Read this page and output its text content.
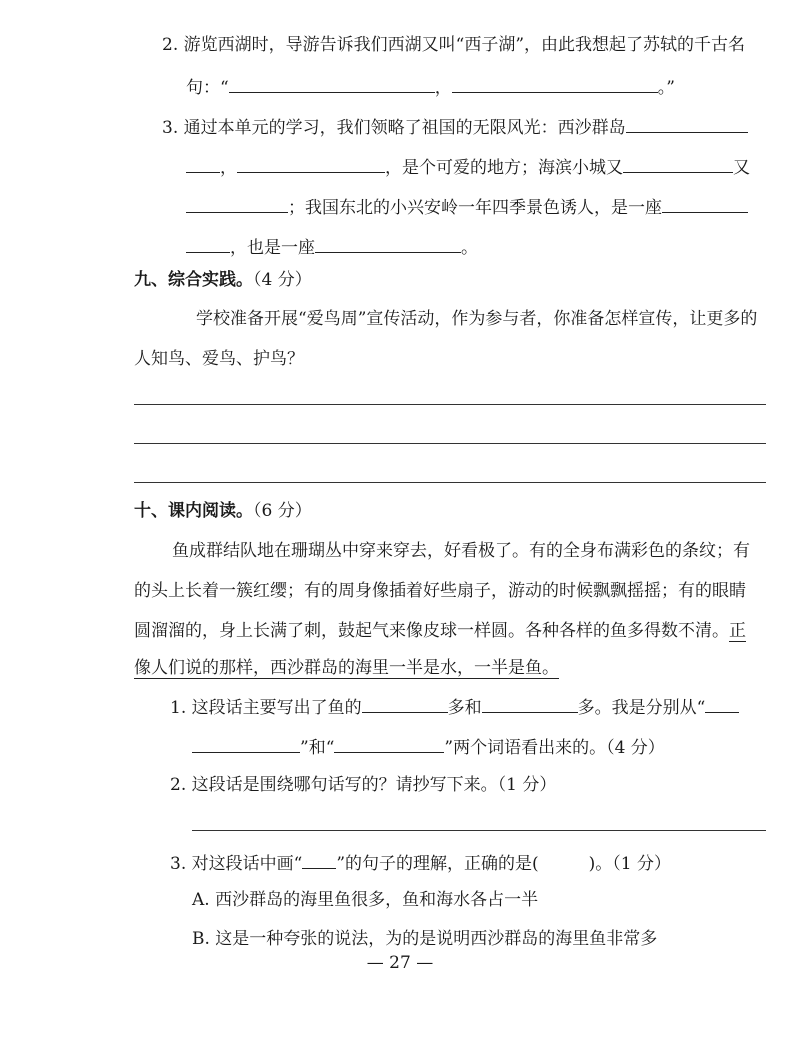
2. 游览西湖时，导游告诉我们西湖又叫“西子湖”，由此我想起了苏轼的千古名
句：“	，	。”
3. 通过本单元的学习，我们领略了祖国的无限风光：西沙群岛
，	，是个可爱的地方；海滨小城又	又
；我国东北的小兴安岭一年四季景色诱人，是一座
，也是一座	。
九、综合实践。（4 分）
学校准备开展“爱鸟周”宣传活动，作为参与者，你准备怎样宣传，让更多的
人知鸟、爱鸟、护鸟？
十、课内阅读。（6 分）
鱼成群结队地在珊瑚丛中穿来穿去，好看极了。有的全身布满彩色的条纹；有
的头上长着一簇红缨；有的周身像插着好些扇子，游动的时候飘飘摇摇；有的眼睛
圆溜溜的，身上长满了刺，鼓起气来像皮球一样圆。各种各样的鱼多得数不清。正
像人们说的那样，西沙群岛的海里一半是水，一半是鱼。
1. 这段话主要写出了鱼的	多和	多。我是分别从“
”和“	”两个词语看出来的。（4 分）
2. 这段话是围绕哪句话写的？请抄写下来。（1 分）
3. 对这段话中画“ ”的句子的理解，正确的是(	)。（1 分）
A. 西沙群岛的海里鱼很多，鱼和海水各占一半
B. 这是一种夸张的说法，为的是说明西沙群岛的海里鱼非常多
— 27 —
